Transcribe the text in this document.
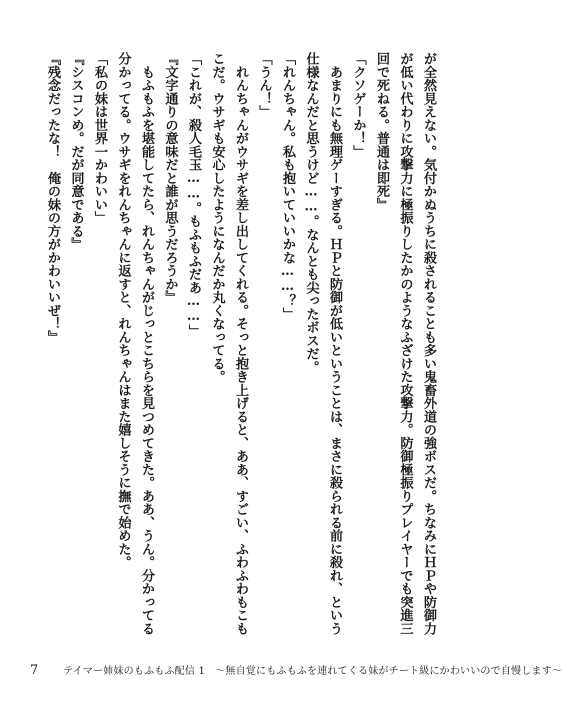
が全然見えない。気付かぬうちに殺されることも多い鬼畜外道の強ボスだ。ちなみにＨＰや防御力
が低い代わりに攻撃力に極振りしたかのようなふざけた攻撃力。防御極振りプレイヤーでも突進三
回で死ねる。普通は即死』
「クソゲーか！」
　あまりにも無理ゲーすぎる。ＨＰと防御が低いということは、まさに殺られる前に殺れ、という
仕様なんだと思うけど……。なんとも尖ったボスだ。
「れんちゃん。私も抱いていいかな……？」
「うん！」
　れんちゃんがウサギを差し出してくれる。そっと抱き上げると、ああ、すごい、ふわふわもこも
こだ。ウサギも安心したようになんだか丸くなってる。
「これが、殺人毛玉……。もふもふだあ……」
『文字通りの意味だと誰が思うだろうか』
　もふもふを堪能してたら、れんちゃんがじっとこちらを見つめてきた。ああ、うん。分かってる
分かってる。ウサギをれんちゃんに返すと、れんちゃんはまた嬉しそうに撫で始めた。
「私の妹は世界一かわいい」
『シスコンめ。だが同意である』
『残念だったな！　俺の妹の方がかわいいぜ！』
7 テイマー姉妹のもふもふ配信 1　～無自覚にもふもふを連れてくる妹がチート級にかわいいので自慢します～
